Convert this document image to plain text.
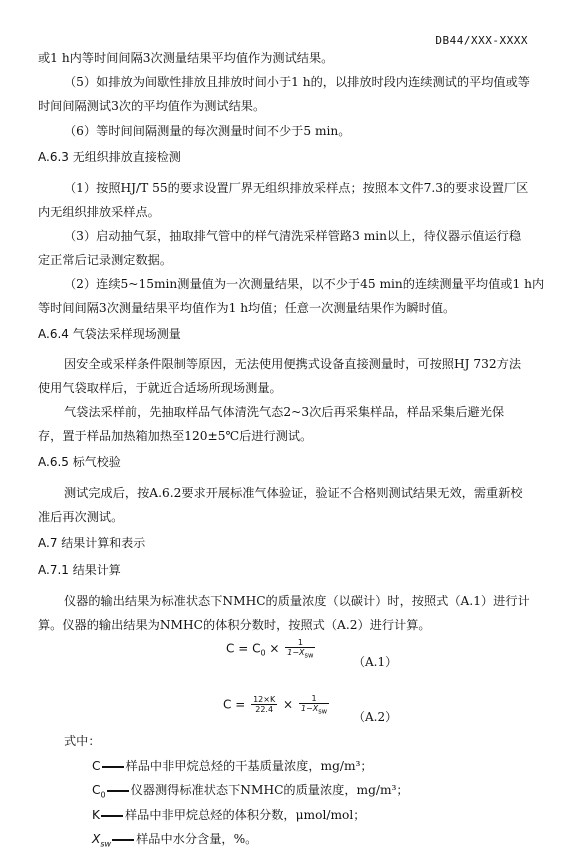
DB44/XXX-XXXX
或1 h内等时间间隔3次测量结果平均值作为测试结果。
（5）如排放为间歇性排放且排放时间小于1 h的，以排放时段内连续测试的平均值或等
时间间隔测试3次的平均值作为测试结果。
（6）等时间间隔测量的每次测量时间不少于5 min。
A.6.3 无组织排放直接检测
（1）按照HJ/T 55的要求设置厂界无组织排放采样点；按照本文件7.3的要求设置厂区
内无组织排放采样点。
（3）启动抽气泵，抽取排气管中的样气清洗采样管路3 min以上，待仪器示值运行稳
定正常后记录测定数据。
（2）连续5~15min测量值为一次测量结果，以不少于45 min的连续测量平均值或1 h内
等时间间隔3次测量结果平均值作为1 h均值；任意一次测量结果作为瞬时值。
A.6.4 气袋法采样现场测量
因安全或采样条件限制等原因，无法使用便携式设备直接测量时，可按照HJ 732方法
使用气袋取样后，于就近合适场所现场测量。
气袋法采样前，先抽取样品气体清洗气态2~3次后再采集样品，样品采集后避光保
存，置于样品加热箱加热至120±5℃后进行测试。
A.6.5 标气校验
测试完成后，按A.6.2要求开展标准气体验证，验证不合格则测试结果无效，需重新校
准后再次测试。
A.7 结果计算和表示
A.7.1 结果计算
仪器的输出结果为标准状态下NMHC的质量浓度（以碳计）时，按照式（A.1）进行计
算。仪器的输出结果为NMHC的体积分数时，按照式（A.2）进行计算。
$C = C_0 \times \frac{1}{1-X_{sw}}$
（A.1）
$C = \frac{12\times K}{22.4} \times \frac{1}{1-X_{sw}}$
（A.2）
式中：
C 样品中非甲烷总烃的干基质量浓度，mg/m³；
$C_0$ 仪器测得标准状态下NMHC的质量浓度，mg/m³；
K 样品中非甲烷总烃的体积分数，μmol/mol；
$X_{sw}$ 样品中水分含量，%。
